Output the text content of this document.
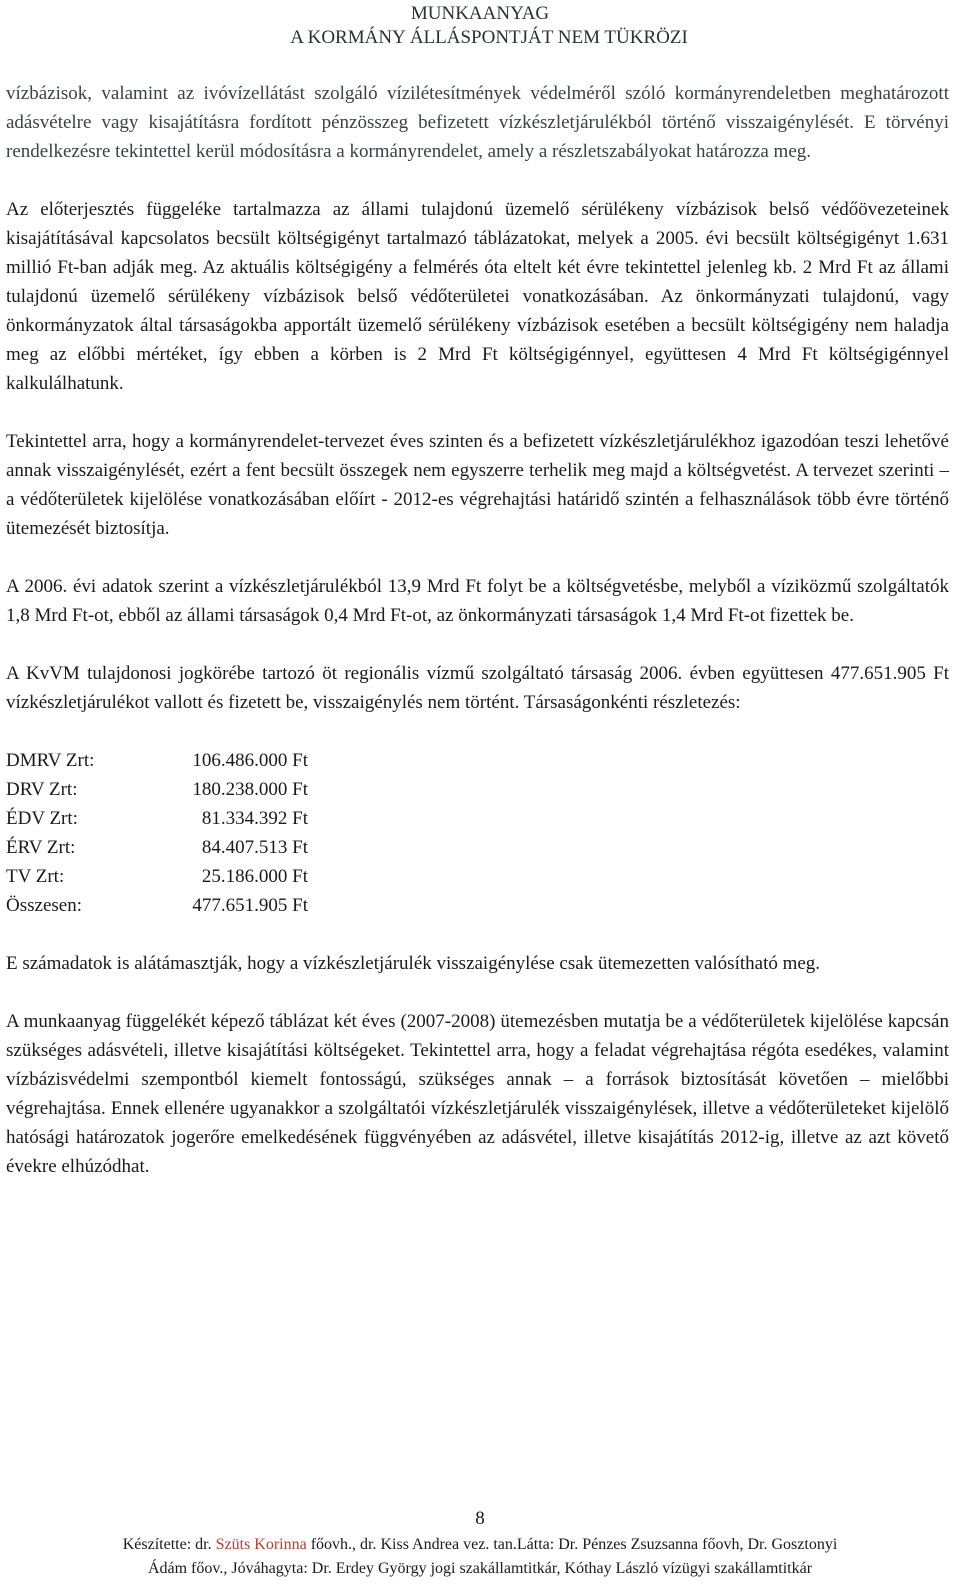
MUNKAANYAG
A KORMÁNY ÁLLÁSPONTJÁT NEM TÜKRÖZI

vízbázisok, valamint az ivóvízellátást szolgáló vízilétesítmények védelméről szóló kormányrendeletben meghatározott adásvételre vagy kisajátításra fordított pénzösszeg befizetett vízkészletjárulékból történő visszaigénylését. E törvényi rendelkezésre tekintettel kerül módosításra a kormányrendelet, amely a részletszabályokat határozza meg.

Az előterjesztés függeléke tartalmazza az állami tulajdonú üzemelő sérülékeny vízbázisok belső védőövezeteinek kisajátításával kapcsolatos becsült költségigényt tartalmazó táblázatokat, melyek a 2005. évi becsült költségigényt 1.631 millió Ft-ban adják meg. Az aktuális költségigény a felmérés óta eltelt két évre tekintettel jelenleg kb. 2 Mrd Ft az állami tulajdonú üzemelő sérülékeny vízbázisok belső védőterületei vonatkozásában. Az önkormányzati tulajdonú, vagy önkormányzatok által társaságokba apportált üzemelő sérülékeny vízbázisok esetében a becsült költségigény nem haladja meg az előbbi mértéket, így ebben a körben is 2 Mrd Ft költségigénnyel, együttesen 4 Mrd Ft költségigénnyel kalkulálhatunk.

Tekintettel arra, hogy a kormányrendelet-tervezet éves szinten és a befizetett vízkészletjárulékhoz igazodóan teszi lehetővé annak visszaigénylését, ezért a fent becsült összegek nem egyszerre terhelik meg majd a költségvetést. A tervezet szerinti – a védőterületek kijelölése vonatkozásában előírt - 2012-es végrehajtási határidő szintén a felhasználások több évre történő ütemezését biztosítja.

A 2006. évi adatok szerint a vízkészletjárulékból 13,9 Mrd Ft folyt be a költségvetésbe, melyből a víziközmű szolgáltatók 1,8 Mrd Ft-ot, ebből az állami társaságok 0,4 Mrd Ft-ot, az önkormányzati társaságok 1,4 Mrd Ft-ot fizettek be.

A KvVM tulajdonosi jogkörébe tartozó öt regionális vízmű szolgáltató társaság 2006. évben együttesen 477.651.905 Ft vízkészletjárulékot vallott és fizetett be, visszaigénylés nem történt. Társaságonkénti részletezés:

DMRV Zrt:	106.486.000 Ft
DRV Zrt:	180.238.000 Ft
ÉDV Zrt:	81.334.392 Ft
ÉRV Zrt:	84.407.513 Ft
TV Zrt:	25.186.000 Ft
Összesen:	477.651.905 Ft

E számadatok is alátámasztják, hogy a vízkészletjárulék visszaigénylése csak ütemezetten valósítható meg.

A munkaanyag függelékét képező táblázat két éves (2007-2008) ütemezésben mutatja be a védőterületek kijelölése kapcsán szükséges adásvételi, illetve kisajátítási költségeket. Tekintettel arra, hogy a feladat végrehajtása régóta esedékes, valamint vízbázisvédelmi szempontból kiemelt fontosságú, szükséges annak – a források biztosítását követően – mielőbbi végrehajtása. Ennek ellenére ugyanakkor a szolgáltatói vízkészletjárulék visszaigénylések, illetve a védőterületeket kijelölő hatósági határozatok jogerőre emelkedésének függvényében az adásvétel, illetve kisajátítás 2012-ig, illetve az azt követő évekre elhúzódhat.

8
Készítette: dr. Szüts Korinna főovh., dr. Kiss Andrea vez. tan.Látta: Dr. Pénzes Zsuzsanna főovh, Dr. Gosztonyi
Ádám főov., Jóváhagyta: Dr. Erdey György jogi szakállamtitkár, Kóthay László vízügyi szakállamtitkár
